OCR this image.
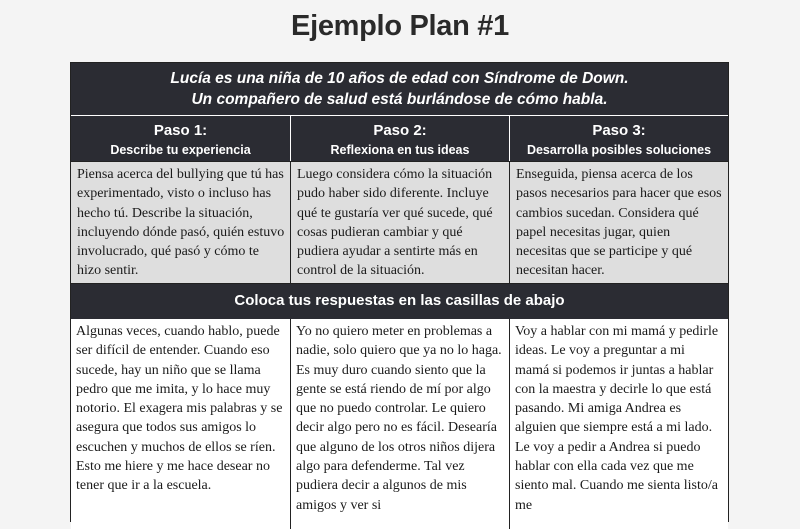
Ejemplo Plan #1
Lucía es una niña de 10 años de edad con Síndrome de Down.
Un compañero de salud está burlándose de cómo habla.
Paso 1:
Describe tu experiencia
Paso 2:
Reflexiona en tus ideas
Paso 3:
Desarrolla posibles soluciones
Piensa acerca del bullying que tú has experimentado, visto o incluso has hecho tú. Describe la situación, incluyendo dónde pasó, quién estuvo involucrado, qué pasó y cómo te hizo sentir.
Luego considera cómo la situación pudo haber sido diferente. Incluye qué te gustaría ver qué sucede, qué cosas pudieran cambiar y qué pudiera ayudar a sentirte más en control de la situación.
Enseguida, piensa acerca de los pasos necesarios para hacer que esos cambios sucedan. Considera qué papel necesitas jugar, quien necesitas que se participe y qué necesitan hacer.
Coloca tus respuestas en las casillas de abajo
Algunas veces, cuando hablo, puede ser difícil de entender. Cuando eso sucede, hay un niño que se llama pedro que me imita, y lo hace muy notorio. El exagera mis palabras y se asegura que todos sus amigos lo escuchen y muchos de ellos se ríen. Esto me hiere y me hace desear no tener que ir a la escuela.
Yo no quiero meter en problemas a nadie, solo quiero que ya no lo haga. Es muy duro cuando siento que la gente se está riendo de mí por algo que no puedo controlar. Le quiero decir algo pero no es fácil. Desearía que alguno de los otros niños dijera algo para defenderme. Tal vez pudiera decir a algunos de mis amigos y ver si
Voy a hablar con mi mamá y pedirle ideas. Le voy a preguntar a mi mamá si podemos ir juntas a hablar con la maestra y decirle lo que está pasando. Mi amiga Andrea es alguien que siempre está a mi lado. Le voy a pedir a Andrea si puedo hablar con ella cada vez que me siento mal. Cuando me sienta listo/a me
